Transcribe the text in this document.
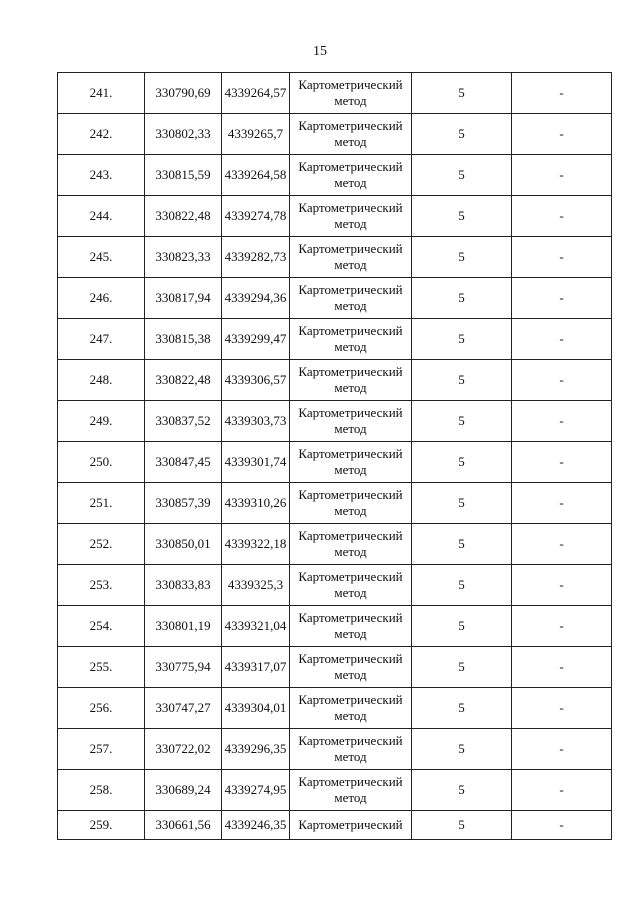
15
241.	330790,69	4339264,57	Картометрический метод	5	-
242.	330802,33	4339265,7	Картометрический метод	5	-
243.	330815,59	4339264,58	Картометрический метод	5	-
244.	330822,48	4339274,78	Картометрический метод	5	-
245.	330823,33	4339282,73	Картометрический метод	5	-
246.	330817,94	4339294,36	Картометрический метод	5	-
247.	330815,38	4339299,47	Картометрический метод	5	-
248.	330822,48	4339306,57	Картометрический метод	5	-
249.	330837,52	4339303,73	Картометрический метод	5	-
250.	330847,45	4339301,74	Картометрический метод	5	-
251.	330857,39	4339310,26	Картометрический метод	5	-
252.	330850,01	4339322,18	Картометрический метод	5	-
253.	330833,83	4339325,3	Картометрический метод	5	-
254.	330801,19	4339321,04	Картометрический метод	5	-
255.	330775,94	4339317,07	Картометрический метод	5	-
256.	330747,27	4339304,01	Картометрический метод	5	-
257.	330722,02	4339296,35	Картометрический метод	5	-
258.	330689,24	4339274,95	Картометрический метод	5	-
259.	330661,56	4339246,35	Картометрический	5	-
